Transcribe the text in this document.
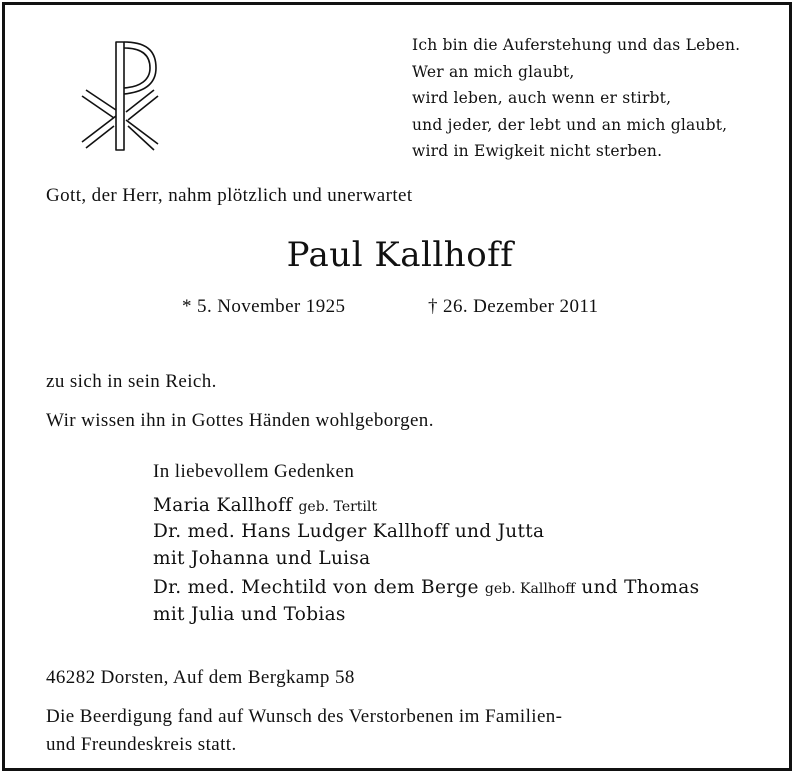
Ich bin die Auferstehung und das Leben.
Wer an mich glaubt,
wird leben, auch wenn er stirbt,
und jeder, der lebt und an mich glaubt,
wird in Ewigkeit nicht sterben.
Gott, der Herr, nahm plötzlich und unerwartet
Paul Kallhoff
* 5. November 1925	† 26. Dezember 2011
zu sich in sein Reich.
Wir wissen ihn in Gottes Händen wohlgeborgen.
In liebevollem Gedenken
Maria Kallhoff geb. Tertilt
Dr. med. Hans Ludger Kallhoff und Jutta
mit Johanna und Luisa
Dr. med. Mechtild von dem Berge geb. Kallhoff und Thomas
mit Julia und Tobias
46282 Dorsten, Auf dem Bergkamp 58
Die Beerdigung fand auf Wunsch des Verstorbenen im Familien-
und Freundeskreis statt.
